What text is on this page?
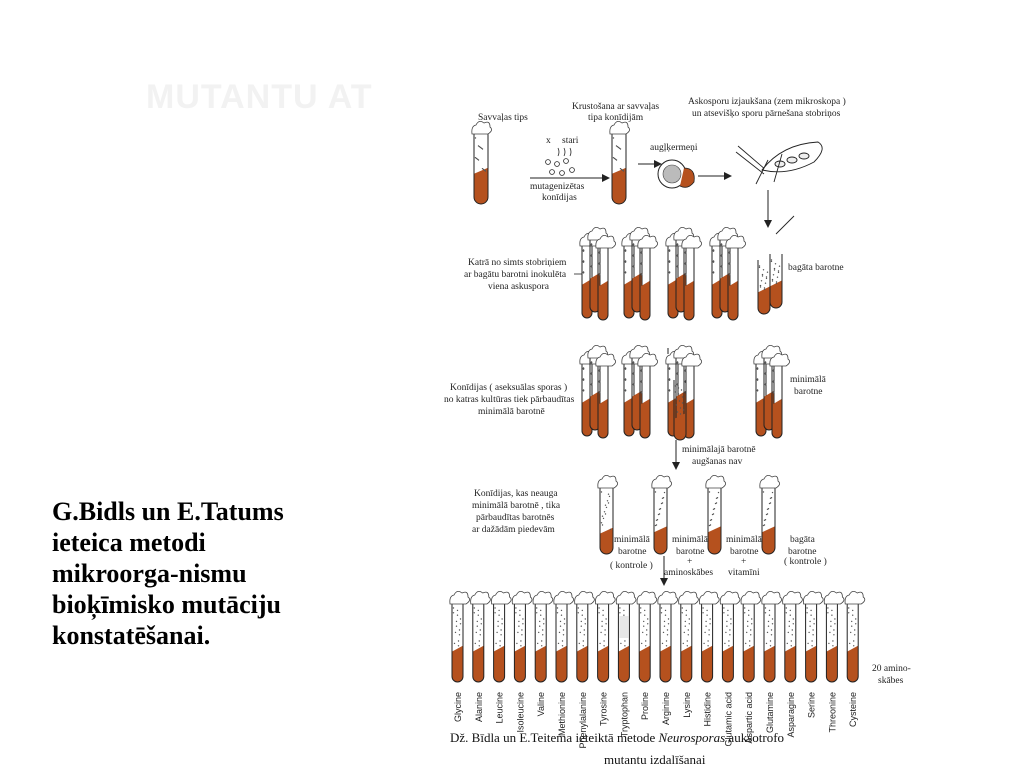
MUTANTU AT

G.Bidls un E.Tatums
ieteica metodi
mikroorga-nismu
bioķīmisko mutāciju
konstatēšanai.

Savvaļas tips
x stari
mutagenizētas
konīdijas
Krustošana ar savvaļas
tipa konīdijām
augļķermeņi
Askosporu izjaukšana (zem mikroskopa )
un atsevišķo sporu pārnešana stobriņos
Katrā no simts stobriņiem
ar bagātu barotni inokulēta
viena askuspora
bagāta barotne
Konīdijas ( aseksuālas sporas )
no katras kultūras tiek pārbaudītas
minimālā barotnē
minimālā
barotne
minimālajā barotnē
augšanas nav
Konīdijas, kas neauga
minimālā barotnē , tika
pārbaudītas barotnēs
ar dažādām piedevām
minimālā
barotne
( kontrole )
minimālā
barotne
+
aminoskābes
minimālā
barotne
+
vitamīni
bagāta
barotne
( kontrole )
Glycine Alanine Leucine Isoleucine Valine Methionine Phenylalanine Tyrosine Tryptophan Proline Arginine Lysine Histidine Glutamic acid Aspartic acid Glutamine Asparagine Serine Threonine Cysteine
20 amino-
skābes
Dž. Bīdla un E.Teitema ieteiktā metode Neurosporas auksotrofo
mutantu izdalīšanai
